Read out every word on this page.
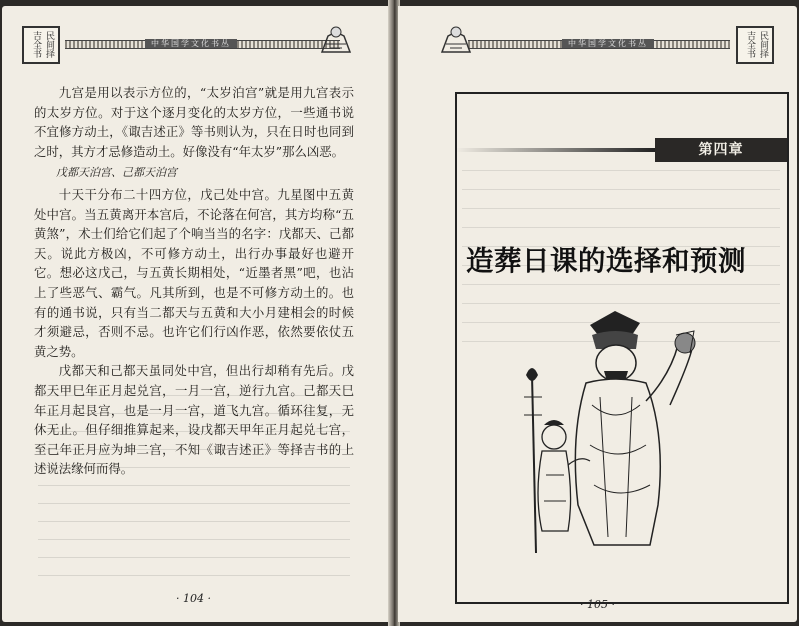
中华国学文化书丛
民间择
吉全书

九宫是用以表示方位的，“太岁泊宫”就是用九宫表示的太岁方位。对于这个逐月变化的太岁方位，一些通书说不宜修方动土，《诹吉述正》等书则认为，只在日时也同到之时，其方才忌修造动土。好像没有“年太岁”那么凶恶。

戊都天泊宫、己都天泊宫

十天干分布二十四方位，戊己处中宫。九星图中五黄处中宫。当五黄离开本宫后，不论落在何宫，其方均称“五黄煞”，术士们给它们起了个响当当的名字：戊都天、己都天。说此方极凶，不可修方动土，出行办事最好也避开它。想必这戊己，与五黄长期相处，“近墨者黑”吧，也沾上了些恶气、霸气。凡其所到，也是不可修方动土的。也有的通书说，只有当二都天与五黄和大小月建相会的时候才须避忌，否则不忌。也许它们行凶作恶，依然要依仗五黄之势。

戊都天和己都天虽同处中宫，但出行却稍有先后。戊都天甲巳年正月起兑宫，一月一宫，逆行九宫。己都天巳年正月起艮宫，也是一月一宫，道飞九宫。循环往复，无休无止。但仔细推算起来，设戊都天甲年正月起兑七宫，至己年正月应为坤二宫，不知《诹吉述正》等择吉书的上述说法缘何而得。

· 104 ·
中华国学文化书丛	民间择
吉全书
第四章
造葬日课的选择和预测
· 105 ·
